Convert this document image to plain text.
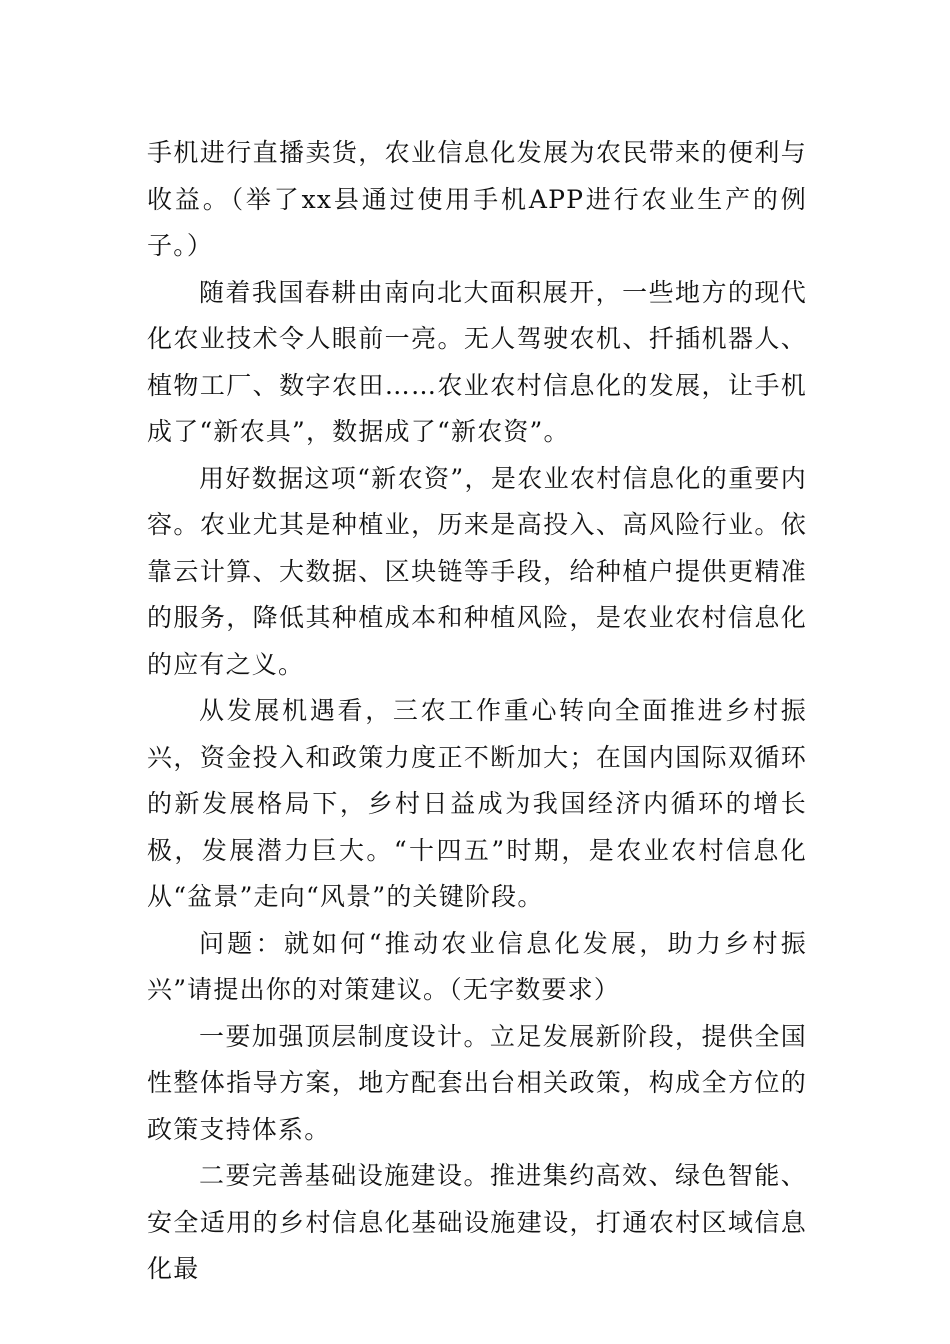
手机进行直播卖货，农业信息化发展为农民带来的便利与收益。（举了xx县通过使用手机APP进行农业生产的例子。）

随着我国春耕由南向北大面积展开，一些地方的现代化农业技术令人眼前一亮。无人驾驶农机、扦插机器人、植物工厂、数字农田……农业农村信息化的发展，让手机成了“新农具”，数据成了“新农资”。

用好数据这项“新农资”，是农业农村信息化的重要内容。农业尤其是种植业，历来是高投入、高风险行业。依靠云计算、大数据、区块链等手段，给种植户提供更精准的服务，降低其种植成本和种植风险，是农业农村信息化的应有之义。

从发展机遇看，三农工作重心转向全面推进乡村振兴，资金投入和政策力度正不断加大；在国内国际双循环的新发展格局下，乡村日益成为我国经济内循环的增长极，发展潜力巨大。“十四五”时期，是农业农村信息化从“盆景”走向“风景”的关键阶段。

问题：就如何“推动农业信息化发展，助力乡村振兴”请提出你的对策建议。（无字数要求）

一要加强顶层制度设计。立足发展新阶段，提供全国性整体指导方案，地方配套出台相关政策，构成全方位的政策支持体系。

二要完善基础设施建设。推进集约高效、绿色智能、安全适用的乡村信息化基础设施建设，打通农村区域信息化最
